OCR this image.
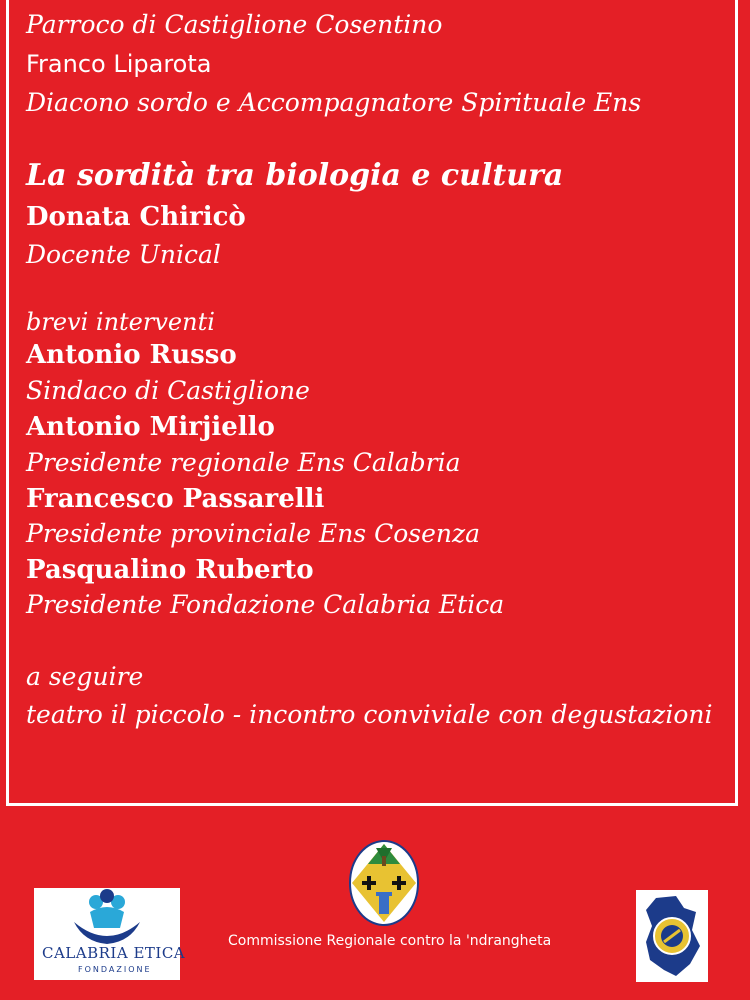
Parroco di Castiglione Cosentino
Franco Liparota
Diacono sordo e Accompagnatore Spirituale Ens
La sordità tra biologia e cultura
Donata Chiricò
Docente Unical
brevi interventi
Antonio Russo
Sindaco di Castiglione
Antonio Mirjiello
Presidente regionale Ens Calabria
Francesco Passarelli
Presidente provinciale Ens Cosenza
Pasqualino Ruberto
Presidente Fondazione Calabria Etica
a seguire
teatro il piccolo - incontro conviviale con degustazioni
CALABRIA ETICA
FONDAZIONE
Commissione Regionale contro la 'ndrangheta
